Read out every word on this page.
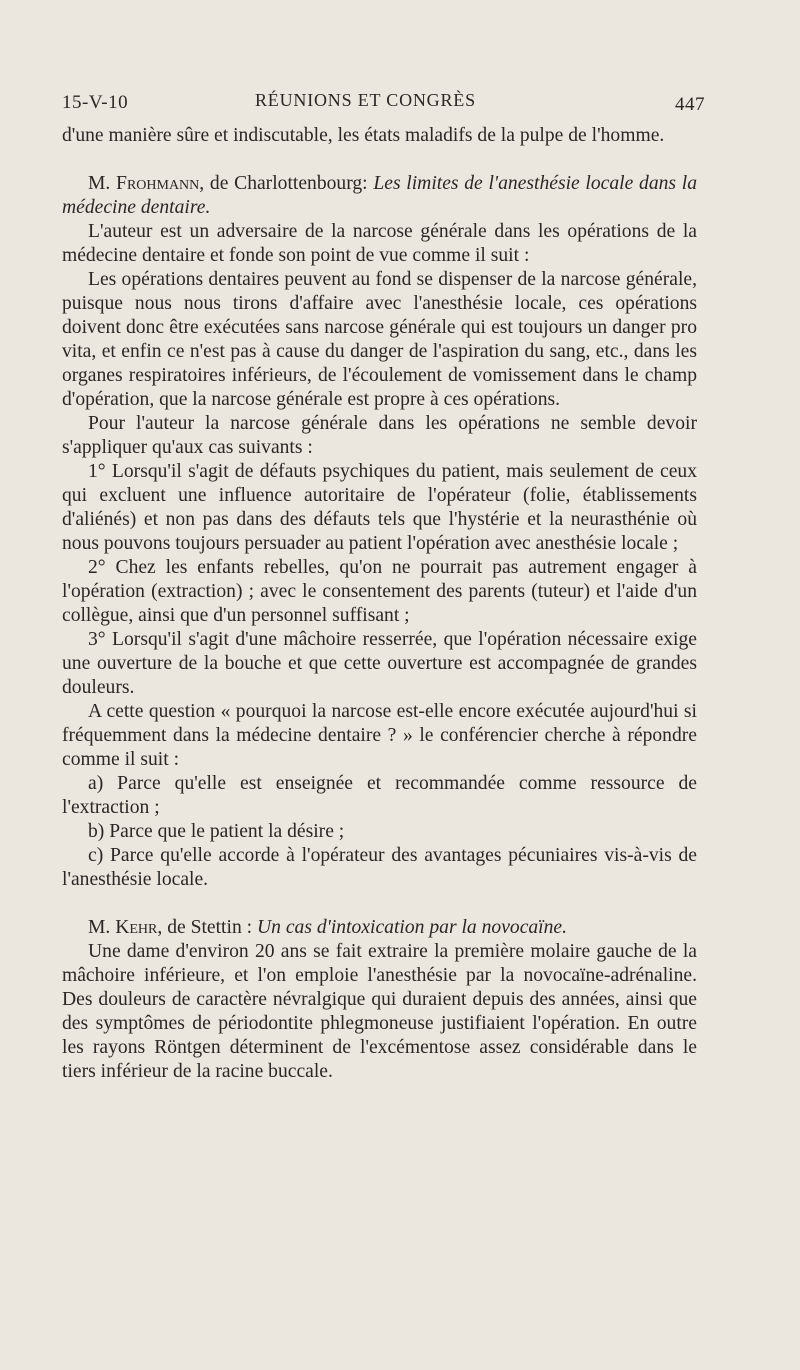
15-V-10	RÉUNIONS ET CONGRÈS	447

d'une manière sûre et indiscutable, les états maladifs de la pulpe de l'homme.

M. Frohmann, de Charlottenbourg: Les limites de l'anesthésie locale dans la médecine dentaire.

L'auteur est un adversaire de la narcose générale dans les opérations de la médecine dentaire et fonde son point de vue comme il suit :

Les opérations dentaires peuvent au fond se dispenser de la narcose générale, puisque nous nous tirons d'affaire avec l'anesthésie locale, ces opérations doivent donc être exécutées sans narcose générale qui est toujours un danger pro vita, et enfin ce n'est pas à cause du danger de l'aspiration du sang, etc., dans les organes respiratoires inférieurs, de l'écoulement de vomissement dans le champ d'opération, que la narcose générale est propre à ces opérations.

Pour l'auteur la narcose générale dans les opérations ne semble devoir s'appliquer qu'aux cas suivants :

1° Lorsqu'il s'agit de défauts psychiques du patient, mais seulement de ceux qui excluent une influence autoritaire de l'opérateur (folie, établissements d'aliénés) et non pas dans des défauts tels que l'hystérie et la neurasthénie où nous pouvons toujours persuader au patient l'opération avec anesthésie locale ;

2° Chez les enfants rebelles, qu'on ne pourrait pas autrement engager à l'opération (extraction) ; avec le consentement des parents (tuteur) et l'aide d'un collègue, ainsi que d'un personnel suffisant ;

3° Lorsqu'il s'agit d'une mâchoire resserrée, que l'opération nécessaire exige une ouverture de la bouche et que cette ouverture est accompagnée de grandes douleurs.

A cette question « pourquoi la narcose est-elle encore exécutée aujourd'hui si fréquemment dans la médecine dentaire ? » le conférencier cherche à répondre comme il suit :

a) Parce qu'elle est enseignée et recommandée comme ressource de l'extraction ;

b) Parce que le patient la désire ;

c) Parce qu'elle accorde à l'opérateur des avantages pécuniaires vis-à-vis de l'anesthésie locale.

M. Kehr, de Stettin : Un cas d'intoxication par la novocaïne.

Une dame d'environ 20 ans se fait extraire la première molaire gauche de la mâchoire inférieure, et l'on emploie l'anesthésie par la novocaïne-adrénaline. Des douleurs de caractère névralgique qui duraient depuis des années, ainsi que des symptômes de périodontite phlegmoneuse justifiaient l'opération. En outre les rayons Röntgen déterminent de l'excémentose assez considérable dans le tiers inférieur de la racine buccale.
